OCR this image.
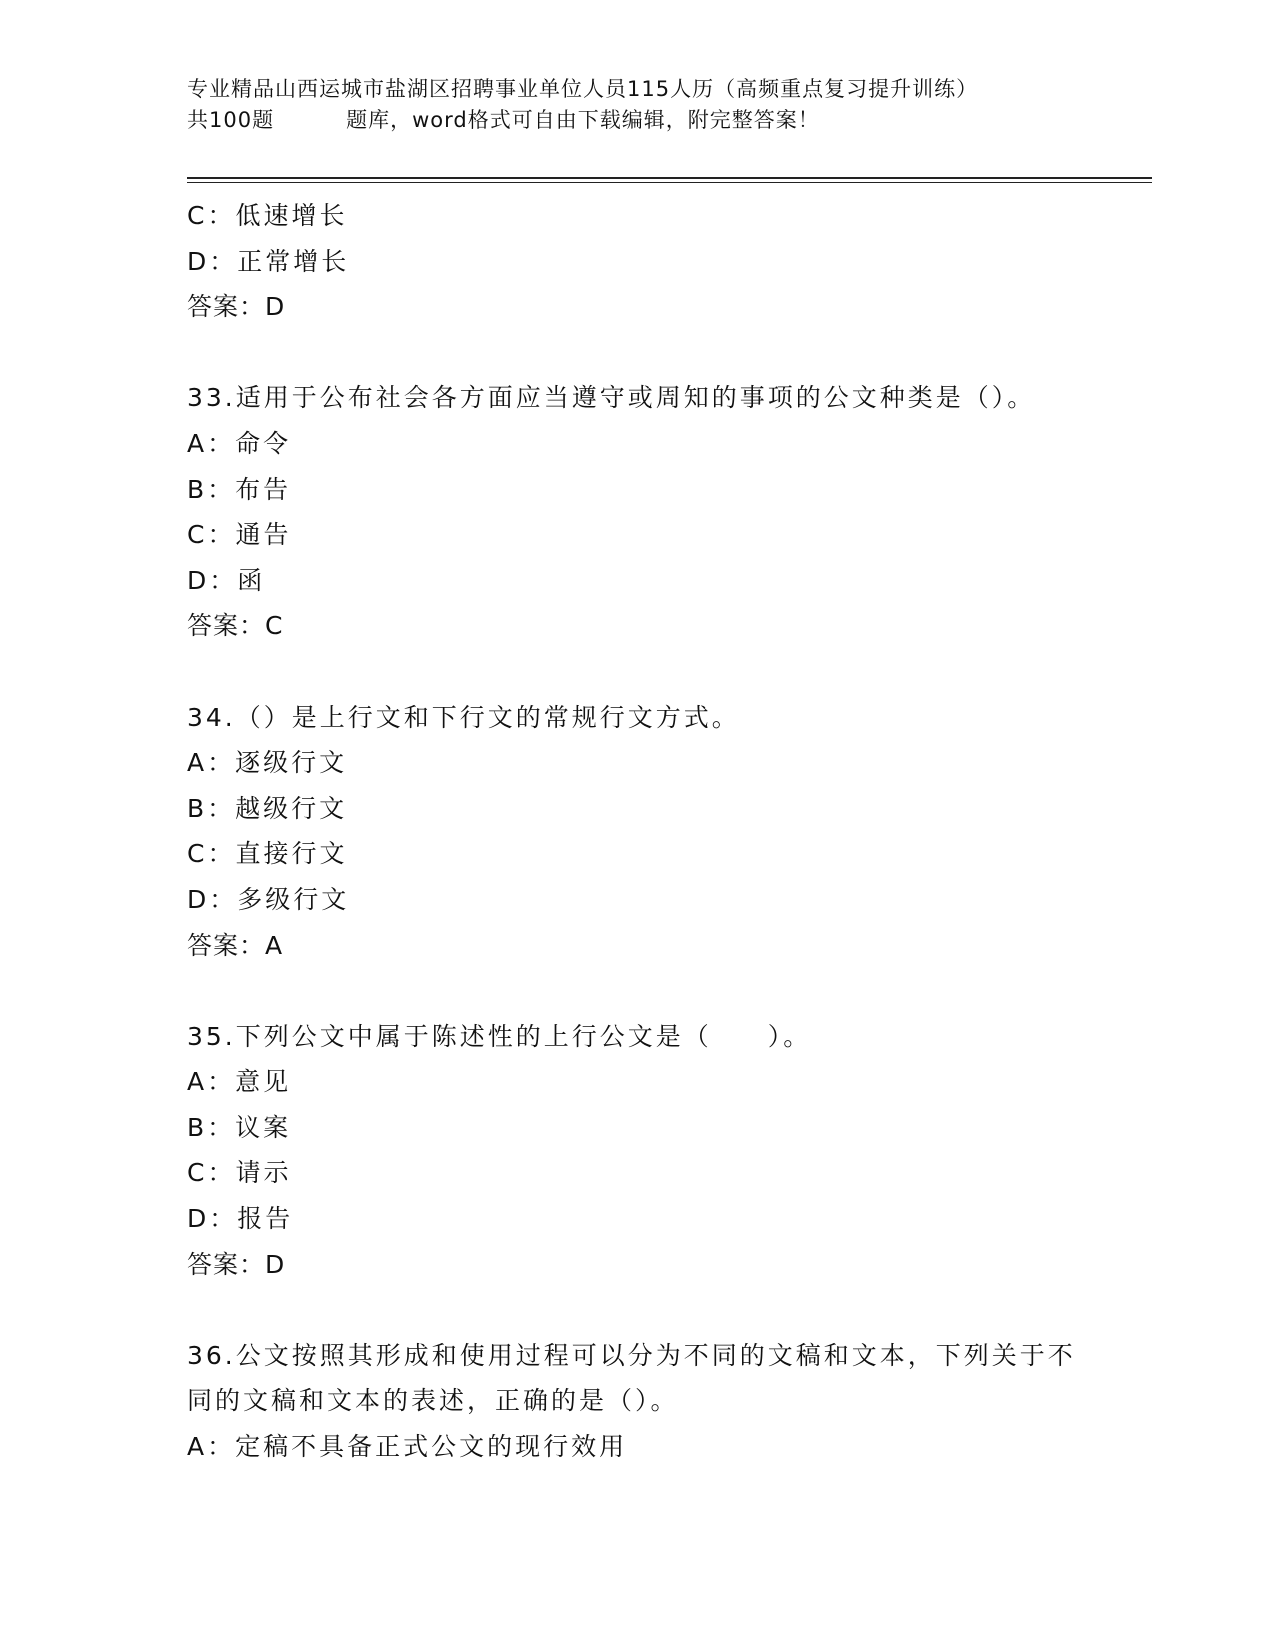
专业精品山西运城市盐湖区招聘事业单位人员115人历（高频重点复习提升训练）
共100题	题库，word格式可自由下载编辑，附完整答案！
C：低速增长
D：正常增长
答案：D
33.适用于公布社会各方面应当遵守或周知的事项的公文种类是（）。
A：命令
B：布告
C：通告
D：函
答案：C
34.（）是上行文和下行文的常规行文方式。
A：逐级行文
B：越级行文
C：直接行文
D：多级行文
答案：A
35.下列公文中属于陈述性的上行公文是（　　）。
A：意见
B：议案
C：请示
D：报告
答案：D
36.公文按照其形成和使用过程可以分为不同的文稿和文本，下列关于不同的文稿和文本的表述，正确的是（）。
A：定稿不具备正式公文的现行效用
